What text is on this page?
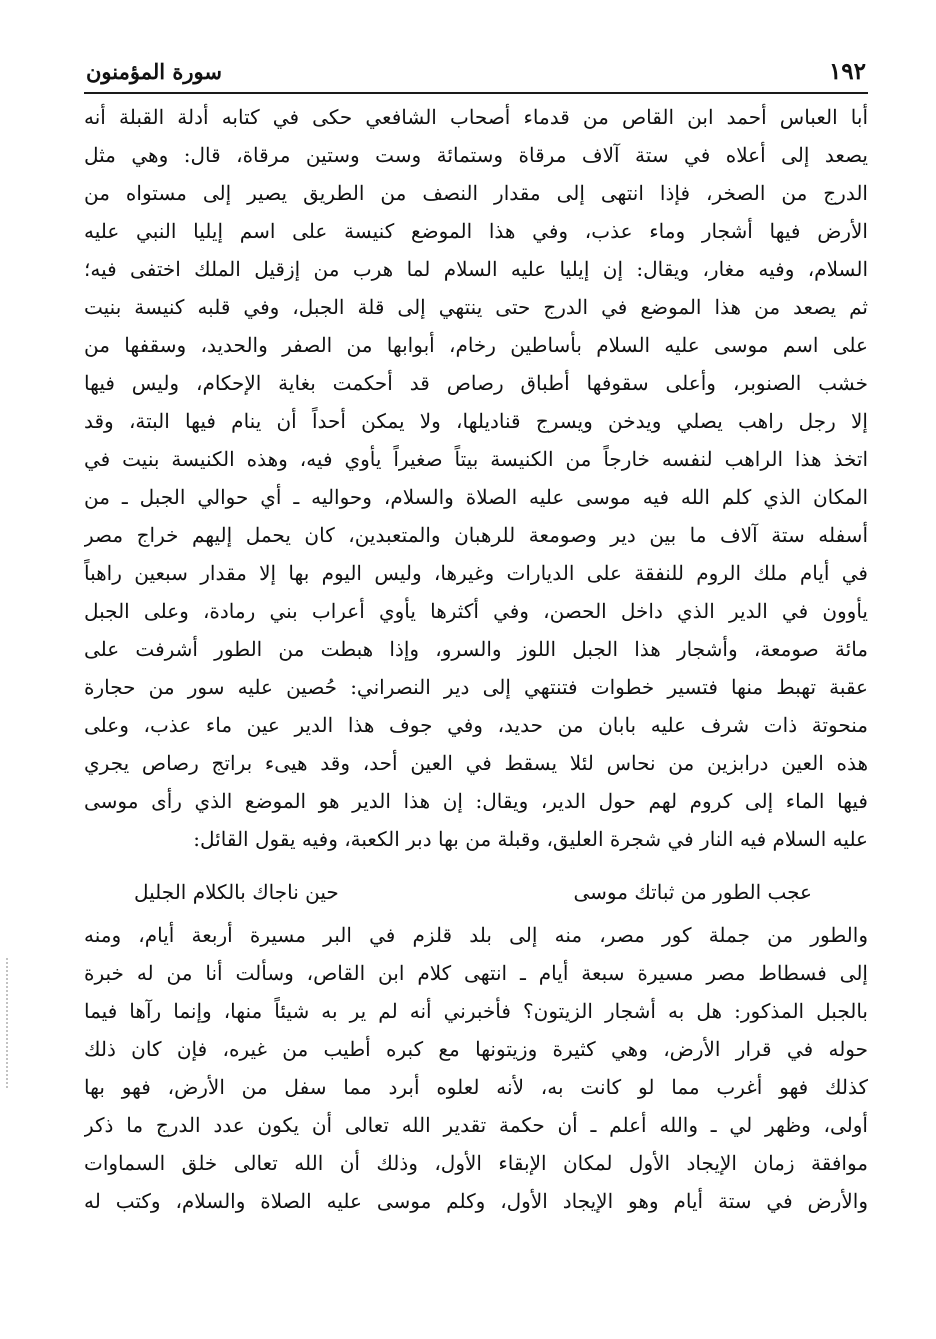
١٩٢
سورة المؤمنون
أبا العباس أحمد ابن القاص من قدماء أصحاب الشافعي حكى في كتابه أدلة القبلة أنه
يصعد إلى أعلاه في ستة آلاف مرقاة وستمائة وست وستين مرقاة، قال: وهي مثل
الدرج من الصخر، فإذا انتهى إلى مقدار النصف من الطريق يصير إلى مستواه من
الأرض فيها أشجار وماء عذب، وفي هذا الموضع كنيسة على اسم إيليا النبي عليه
السلام، وفيه مغار، ويقال: إن إيليا عليه السلام لما هرب من إزقيل الملك اختفى فيه؛
ثم يصعد من هذا الموضع في الدرج حتى ينتهي إلى قلة الجبل، وفي قلبه كنيسة بنيت
على اسم موسى عليه السلام بأساطين رخام، أبوابها من الصفر والحديد، وسقفها من
خشب الصنوبر، وأعلى سقوفها أطباق رصاص قد أحكمت بغاية الإحكام، وليس فيها
إلا رجل راهب يصلي ويدخن ويسرج قناديلها، ولا يمكن أحداً أن ينام فيها البتة، وقد
اتخذ هذا الراهب لنفسه خارجاً من الكنيسة بيتاً صغيراً يأوي فيه، وهذه الكنيسة بنيت في
المكان الذي كلم الله فيه موسى عليه الصلاة والسلام، وحواليه ـ أي حوالي الجبل ـ من
أسفله ستة آلاف ما بين دير وصومعة للرهبان والمتعبدين، كان يحمل إليهم خراج مصر
في أيام ملك الروم للنفقة على الديارات وغيرها، وليس اليوم بها إلا مقدار سبعين راهباً
يأوون في الدير الذي داخل الحصن، وفي أكثرها يأوي أعراب بني رمادة، وعلى الجبل
مائة صومعة، وأشجار هذا الجبل اللوز والسرو، وإذا هبطت من الطور أشرفت على
عقبة تهبط منها فتسير خطوات فتنتهي إلى دير النصراني: حُصين عليه سور من حجارة
منحوتة ذات شرف عليه بابان من حديد، وفي جوف هذا الدير عين ماء عذب، وعلى
هذه العين درابزين من نحاس لئلا يسقط في العين أحد، وقد هيىء براتج رصاص يجري
فيها الماء إلى كروم لهم حول الدير، ويقال: إن هذا الدير هو الموضع الذي رأى موسى
عليه السلام فيه النار في شجرة العليق، وقبلة من بها دبر الكعبة، وفيه يقول القائل:
عجب الطور من ثباتك موسى
حين ناجاك بالكلام الجليل
والطور من جملة كور مصر، منه إلى بلد قلزم في البر مسيرة أربعة أيام، ومنه
إلى فسطاط مصر مسيرة سبعة أيام ـ انتهى كلام ابن القاص، وسألت أنا من له خبرة
بالجبل المذكور: هل به أشجار الزيتون؟ فأخبرني أنه لم ير به شيئاً منها، وإنما رآها فيما
حوله في قرار الأرض، وهي كثيرة وزيتونها مع كبره أطيب من غيره، فإن كان ذلك
كذلك فهو أغرب مما لو كانت به، لأنه لعلوه أبرد مما سفل من الأرض، فهو بها
أولى، وظهر لي ـ والله أعلم ـ أن حكمة تقدير الله تعالى أن يكون عدد الدرج ما ذكر
موافقة زمان الإيجاد الأول لمكان الإبقاء الأول، وذلك أن الله تعالى خلق السماوات
والأرض في ستة أيام وهو الإيجاد الأول، وكلم موسى عليه الصلاة والسلام، وكتب له
